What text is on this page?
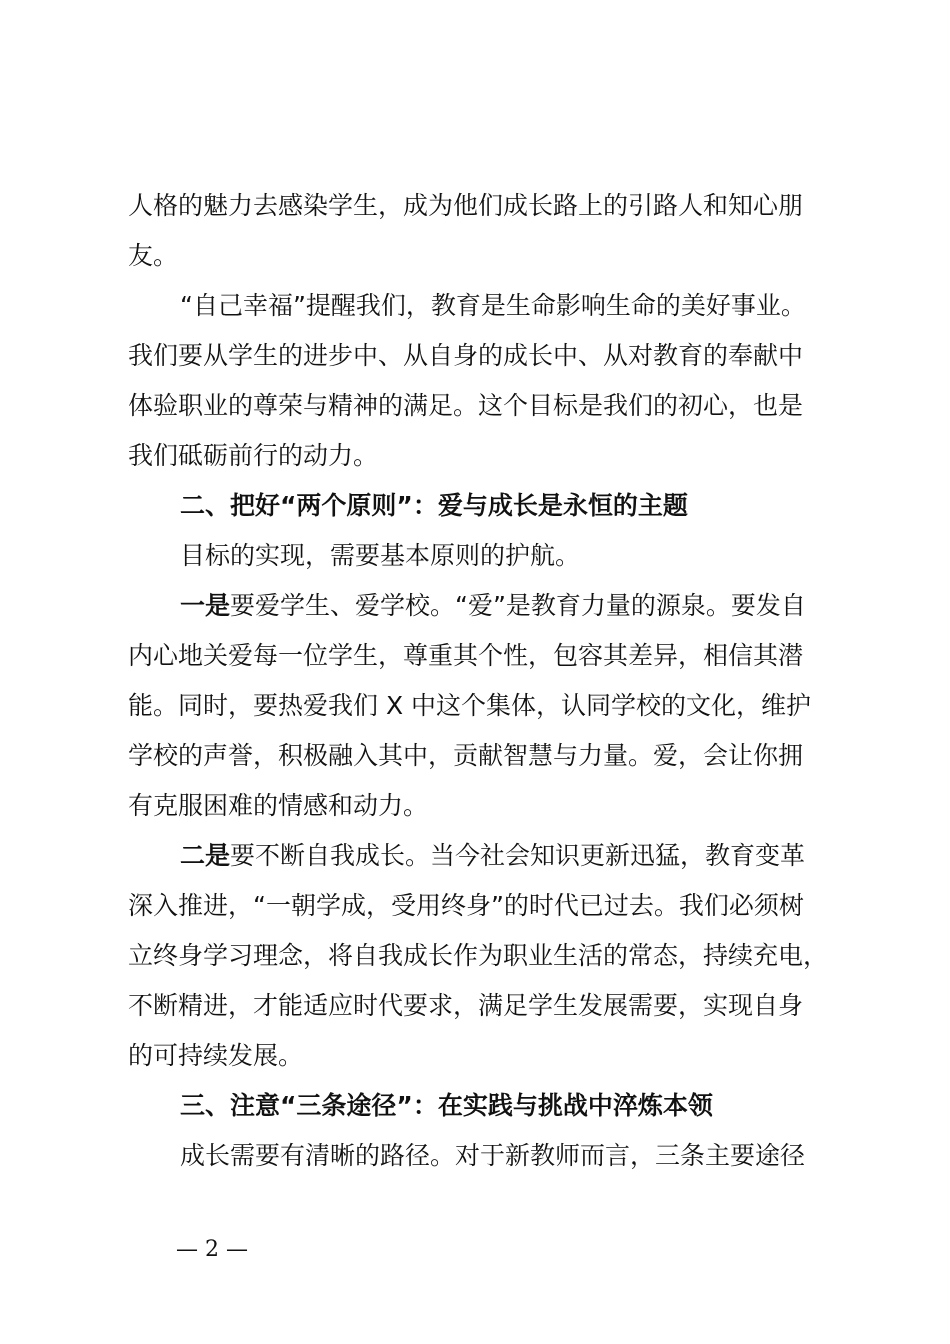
人格的魅力去感染学生，成为他们成长路上的引路人和知心朋
友。
“自己幸福”提醒我们，教育是生命影响生命的美好事业。
我们要从学生的进步中、从自身的成长中、从对教育的奉献中
体验职业的尊荣与精神的满足。这个目标是我们的初心，也是
我们砥砺前行的动力。
二、把好“两个原则”：爱与成长是永恒的主题
目标的实现，需要基本原则的护航。
一是要爱学生、爱学校。“爱”是教育力量的源泉。要发自
内心地关爱每一位学生，尊重其个性，包容其差异，相信其潜
能。同时，要热爱我们 X 中这个集体，认同学校的文化，维护
学校的声誉，积极融入其中，贡献智慧与力量。爱，会让你拥
有克服困难的情感和动力。
二是要不断自我成长。当今社会知识更新迅猛，教育变革
深入推进，“一朝学成，受用终身”的时代已过去。我们必须树
立终身学习理念，将自我成长作为职业生活的常态，持续充电，
不断精进，才能适应时代要求，满足学生发展需要，实现自身
的可持续发展。
三、注意“三条途径”：在实践与挑战中淬炼本领
成长需要有清晰的路径。对于新教师而言，三条主要途径
— 2 —
